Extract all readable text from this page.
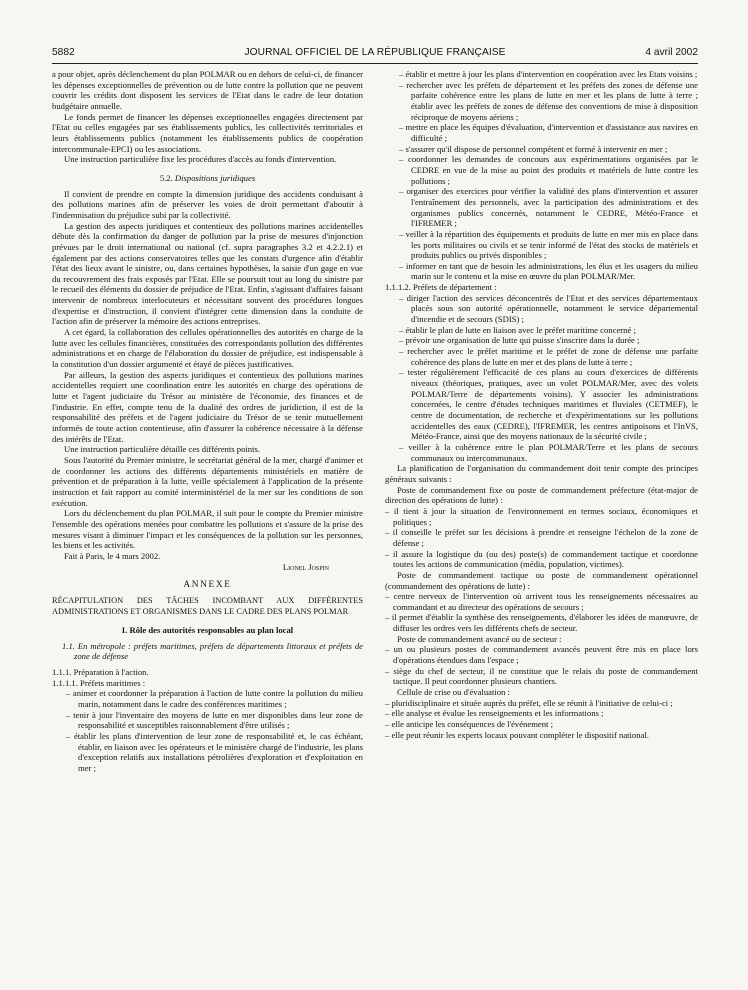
5882	JOURNAL OFFICIEL DE LA RÉPUBLIQUE FRANÇAISE	4 avril 2002

a pour objet, après déclenchement du plan POLMAR ou en dehors de celui-ci, de financer les dépenses exceptionnelles de prévention ou de lutte contre la pollution que ne peuvent couvrir les crédits dont disposent les services de l'Etat dans le cadre de leur dotation budgétaire annuelle.

Le fonds permet de financer les dépenses exceptionnelles engagées directement par l'Etat ou celles engagées par ses établissements publics, les collectivités territoriales et leurs établissements publics (notamment les établissements publics de coopération intercommunale-EPCI) ou les associations.

Une instruction particulière fixe les procédures d'accès au fonds d'intervention.

5.2. Dispositions juridiques

Il convient de prendre en compte la dimension juridique des accidents conduisant à des pollutions marines afin de préserver les voies de droit permettant d'aboutir à l'indemnisation du préjudice subi par la collectivité.

La gestion des aspects juridiques et contentieux des pollutions marines accidentelles débute dès la confirmation du danger de pollution par la prise de mesures d'injonction prévues par le droit international ou national (cf. supra paragraphes 3.2 et 4.2.2.1) et également par des actions conservatoires telles que les constats d'urgence afin d'établir l'état des lieux avant le sinistre, ou, dans certaines hypothèses, la saisie d'un gage en vue du recouvrement des frais exposés par l'Etat. Elle se poursuit tout au long du sinistre par le recueil des éléments du dossier de préjudice de l'Etat. Enfin, s'agissant d'affaires faisant intervenir de nombreux interlocuteurs et nécessitant souvent des procédures longues d'expertise et d'instruction, il convient d'intégrer cette dimension dans la conduite de l'action afin de préserver la mémoire des actions entreprises.

A cet égard, la collaboration des cellules opérationnelles des autorités en charge de la lutte avec les cellules financières, constituées des correspondants pollution des différentes administrations et en charge de l'élaboration du dossier de préjudice, est indispensable à la constitution d'un dossier argumenté et étayé de pièces justificatives.

Par ailleurs, la gestion des aspects juridiques et contentieux des pollutions marines accidentelles requiert une coordination entre les autorités en charge des opérations de lutte et l'agent judiciaire du Trésor au ministère de l'économie, des finances et de l'industrie. En effet, compte tenu de la dualité des ordres de juridiction, il est de la responsabilité des préfets et de l'agent judiciaire du Trésor de se tenir mutuellement informés de toute action contentieuse, afin d'assurer la cohérence nécessaire à la défense des intérêts de l'Etat.

Une instruction particulière détaille ces différents points.

Sous l'autorité du Premier ministre, le secrétariat général de la mer, chargé d'animer et de coordonner les actions des différents départements ministériels en matière de prévention et de préparation à la lutte, veille spécialement à l'application de la présente instruction et fait rapport au comité interministériel de la mer sur les conditions de son exécution.

Lors du déclenchement du plan POLMAR, il suit pour le compte du Premier ministre l'ensemble des opérations menées pour combattre les pollutions et s'assure de la prise des mesures visant à diminuer l'impact et les conséquences de la pollution sur les personnes, les biens et les activités.

Fait à Paris, le 4 mars 2002.

Lionel Jospin

ANNEXE

RÉCAPITULATION DES TÂCHES INCOMBANT AUX DIFFÉRENTES ADMINISTRATIONS ET ORGANISMES DANS LE CADRE DES PLANS POLMAR

I. Rôle des autorités responsables au plan local

1.1. En métropole : préfets maritimes, préfets de départements littoraux et préfets de zone de défense

1.1.1. Préparation à l'action.

1.1.1.1. Préfets maritimes :

– animer et coordonner la préparation à l'action de lutte contre la pollution du milieu marin, notamment dans le cadre des conférences maritimes ;

– tenir à jour l'inventaire des moyens de lutte en mer disponibles dans leur zone de responsabilité et susceptibles raisonnablement d'être utilisés ;

– établir les plans d'intervention de leur zone de responsabilité et, le cas échéant, établir, en liaison avec les opérateurs et le ministère chargé de l'industrie, les plans d'exception relatifs aux installations pétrolières d'exploration et d'exploitation en mer ;

– établir et mettre à jour les plans d'intervention en coopération avec les Etats voisins ;

– rechercher avec les préfets de département et les préfets des zones de défense une parfaite cohérence entre les plans de lutte en mer et les plans de lutte à terre ; établir avec les préfets de zones de défense des conventions de mise à disposition réciproque de moyens aériens ;

– mettre en place les équipes d'évaluation, d'intervention et d'assistance aux navires en difficulté ;

– s'assurer qu'il dispose de personnel compétent et formé à intervenir en mer ;

– coordonner les demandes de concours aux expérimentations organisées par le CEDRE en vue de la mise au point des produits et matériels de lutte contre les pollutions ;

– organiser des exercices pour vérifier la validité des plans d'intervention et assurer l'entraînement des personnels, avec la participation des administrations et des organismes publics concernés, notamment le CEDRE, Météo-France et l'IFREMER ;

– veiller à la répartition des équipements et produits de lutte en mer mis en place dans les ports militaires ou civils et se tenir informé de l'état des stocks de matériels et produits publics ou privés disponibles ;

– informer en tant que de besoin les administrations, les élus et les usagers du milieu marin sur le contenu et la mise en œuvre du plan POLMAR/Mer.

1.1.1.2. Préfets de département :

– diriger l'action des services déconcentrés de l'Etat et des services départementaux placés sous son autorité opérationnelle, notamment le service départemental d'incendie et de secours (SDIS) ;

– établir le plan de lutte en liaison avec le préfet maritime concerné ;

– prévoir une organisation de lutte qui puisse s'inscrire dans la durée ;

– rechercher avec le préfet maritime et le préfet de zone de défense une parfaite cohérence des plans de lutte en mer et des plans de lutte à terre ;

– tester régulièrement l'efficacité de ces plans au cours d'exercices de différents niveaux (théoriques, pratiques, avec un volet POLMAR/Mer, avec des volets POLMAR/Terre de départements voisins). Y associer les administrations concernées, le centre d'études techniques maritimes et fluviales (CETMEF), le centre de documentation, de recherche et d'expérimentations sur les pollutions accidentelles des eaux (CEDRE), l'IFREMER, les centres antipoisons et l'InVS, Météo-France, ainsi que des moyens nationaux de la sécurité civile ;

– veiller à la cohérence entre le plan POLMAR/Terre et les plans de secours communaux ou intercommunaux.

La planification de l'organisation du commandement doit tenir compte des principes généraux suivants :

Poste de commandement fixe ou poste de commandement préfecture (état-major de direction des opérations de lutte) :

– il tient à jour la situation de l'environnement en termes sociaux, économiques et politiques ;

– il conseille le préfet sur les décisions à prendre et renseigne l'échelon de la zone de défense ;

– il assure la logistique du (ou des) poste(s) de commandement tactique et coordonne toutes les actions de communication (média, population, victimes).

Poste de commandement tactique ou poste de commandement opérationnel (commandement des opérations de lutte) :

– centre nerveux de l'intervention où arrivent tous les renseignements nécessaires au commandant et au directeur des opérations de secours ;

– il permet d'établir la synthèse des renseignements, d'élaborer les idées de manœuvre, de diffuser les ordres vers les différents chefs de secteur.

Poste de commandement avancé ou de secteur :

– un ou plusieurs postes de commandement avancés peuvent être mis en place lors d'opérations étendues dans l'espace ;

– siège du chef de secteur, il ne constitue que le relais du poste de commandement tactique. Il peut coordonner plusieurs chantiers.

Cellule de crise ou d'évaluation :

– pluridisciplinaire et située auprès du préfet, elle se réunit à l'initiative de celui-ci ;

– elle analyse et évalue les renseignements et les informations ;

– elle anticipe les conséquences de l'événement ;

– elle peut réunir les experts locaux pouvant compléter le dispositif national.
